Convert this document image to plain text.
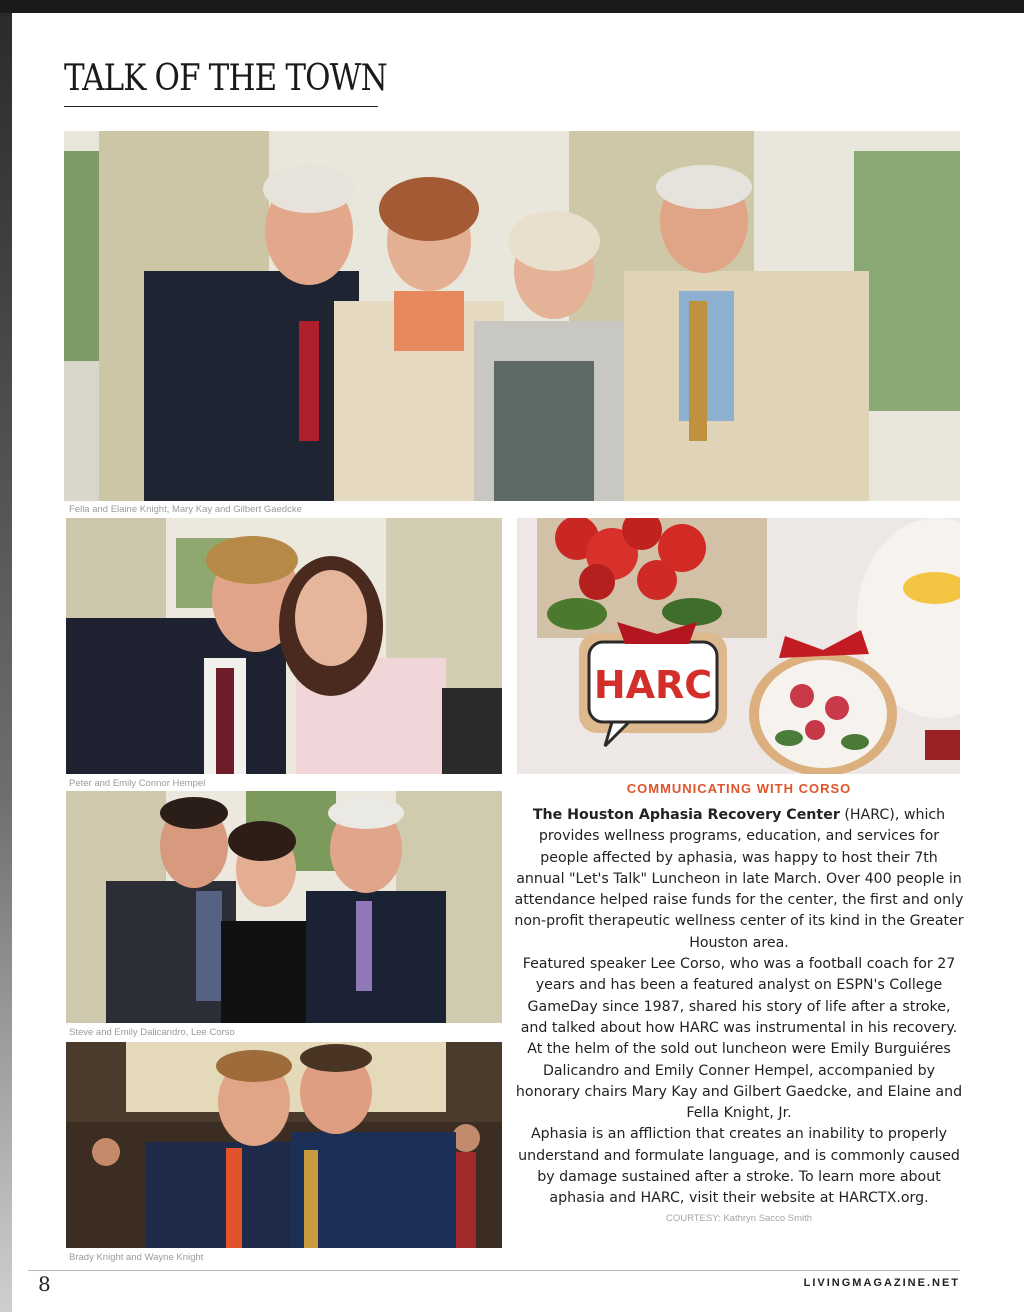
TALK OF THE TOWN
Fella and Elaine Knight, Mary Kay and Gilbert Gaedcke
Peter and Emily Connor Hempel
HARC
Steve and Emily Dalicandro, Lee Corso
Brady Knight and Wayne Knight
COMMUNICATING WITH CORSO

The Houston Aphasia Recovery Center (HARC), which provides wellness programs, education, and services for people affected by aphasia, was happy to host their 7th annual "Let's Talk" Luncheon in late March. Over 400 people in attendance helped raise funds for the center, the first and only non-profit therapeutic wellness center of its kind in the Greater Houston area.

Featured speaker Lee Corso, who was a football coach for 27 years and has been a featured analyst on ESPN's College GameDay since 1987, shared his story of life after a stroke, and talked about how HARC was instrumental in his recovery. At the helm of the sold out luncheon were Emily Burguiéres Dalicandro and Emily Conner Hempel, accompanied by honorary chairs Mary Kay and Gilbert Gaedcke, and Elaine and Fella Knight, Jr.

Aphasia is an affliction that creates an inability to properly understand and formulate language, and is commonly caused by damage sustained after a stroke. To learn more about aphasia and HARC, visit their website at HARCTX.org.

COURTESY: Kathryn Sacco Smith
8	LIVINGMAGAZINE.NET
